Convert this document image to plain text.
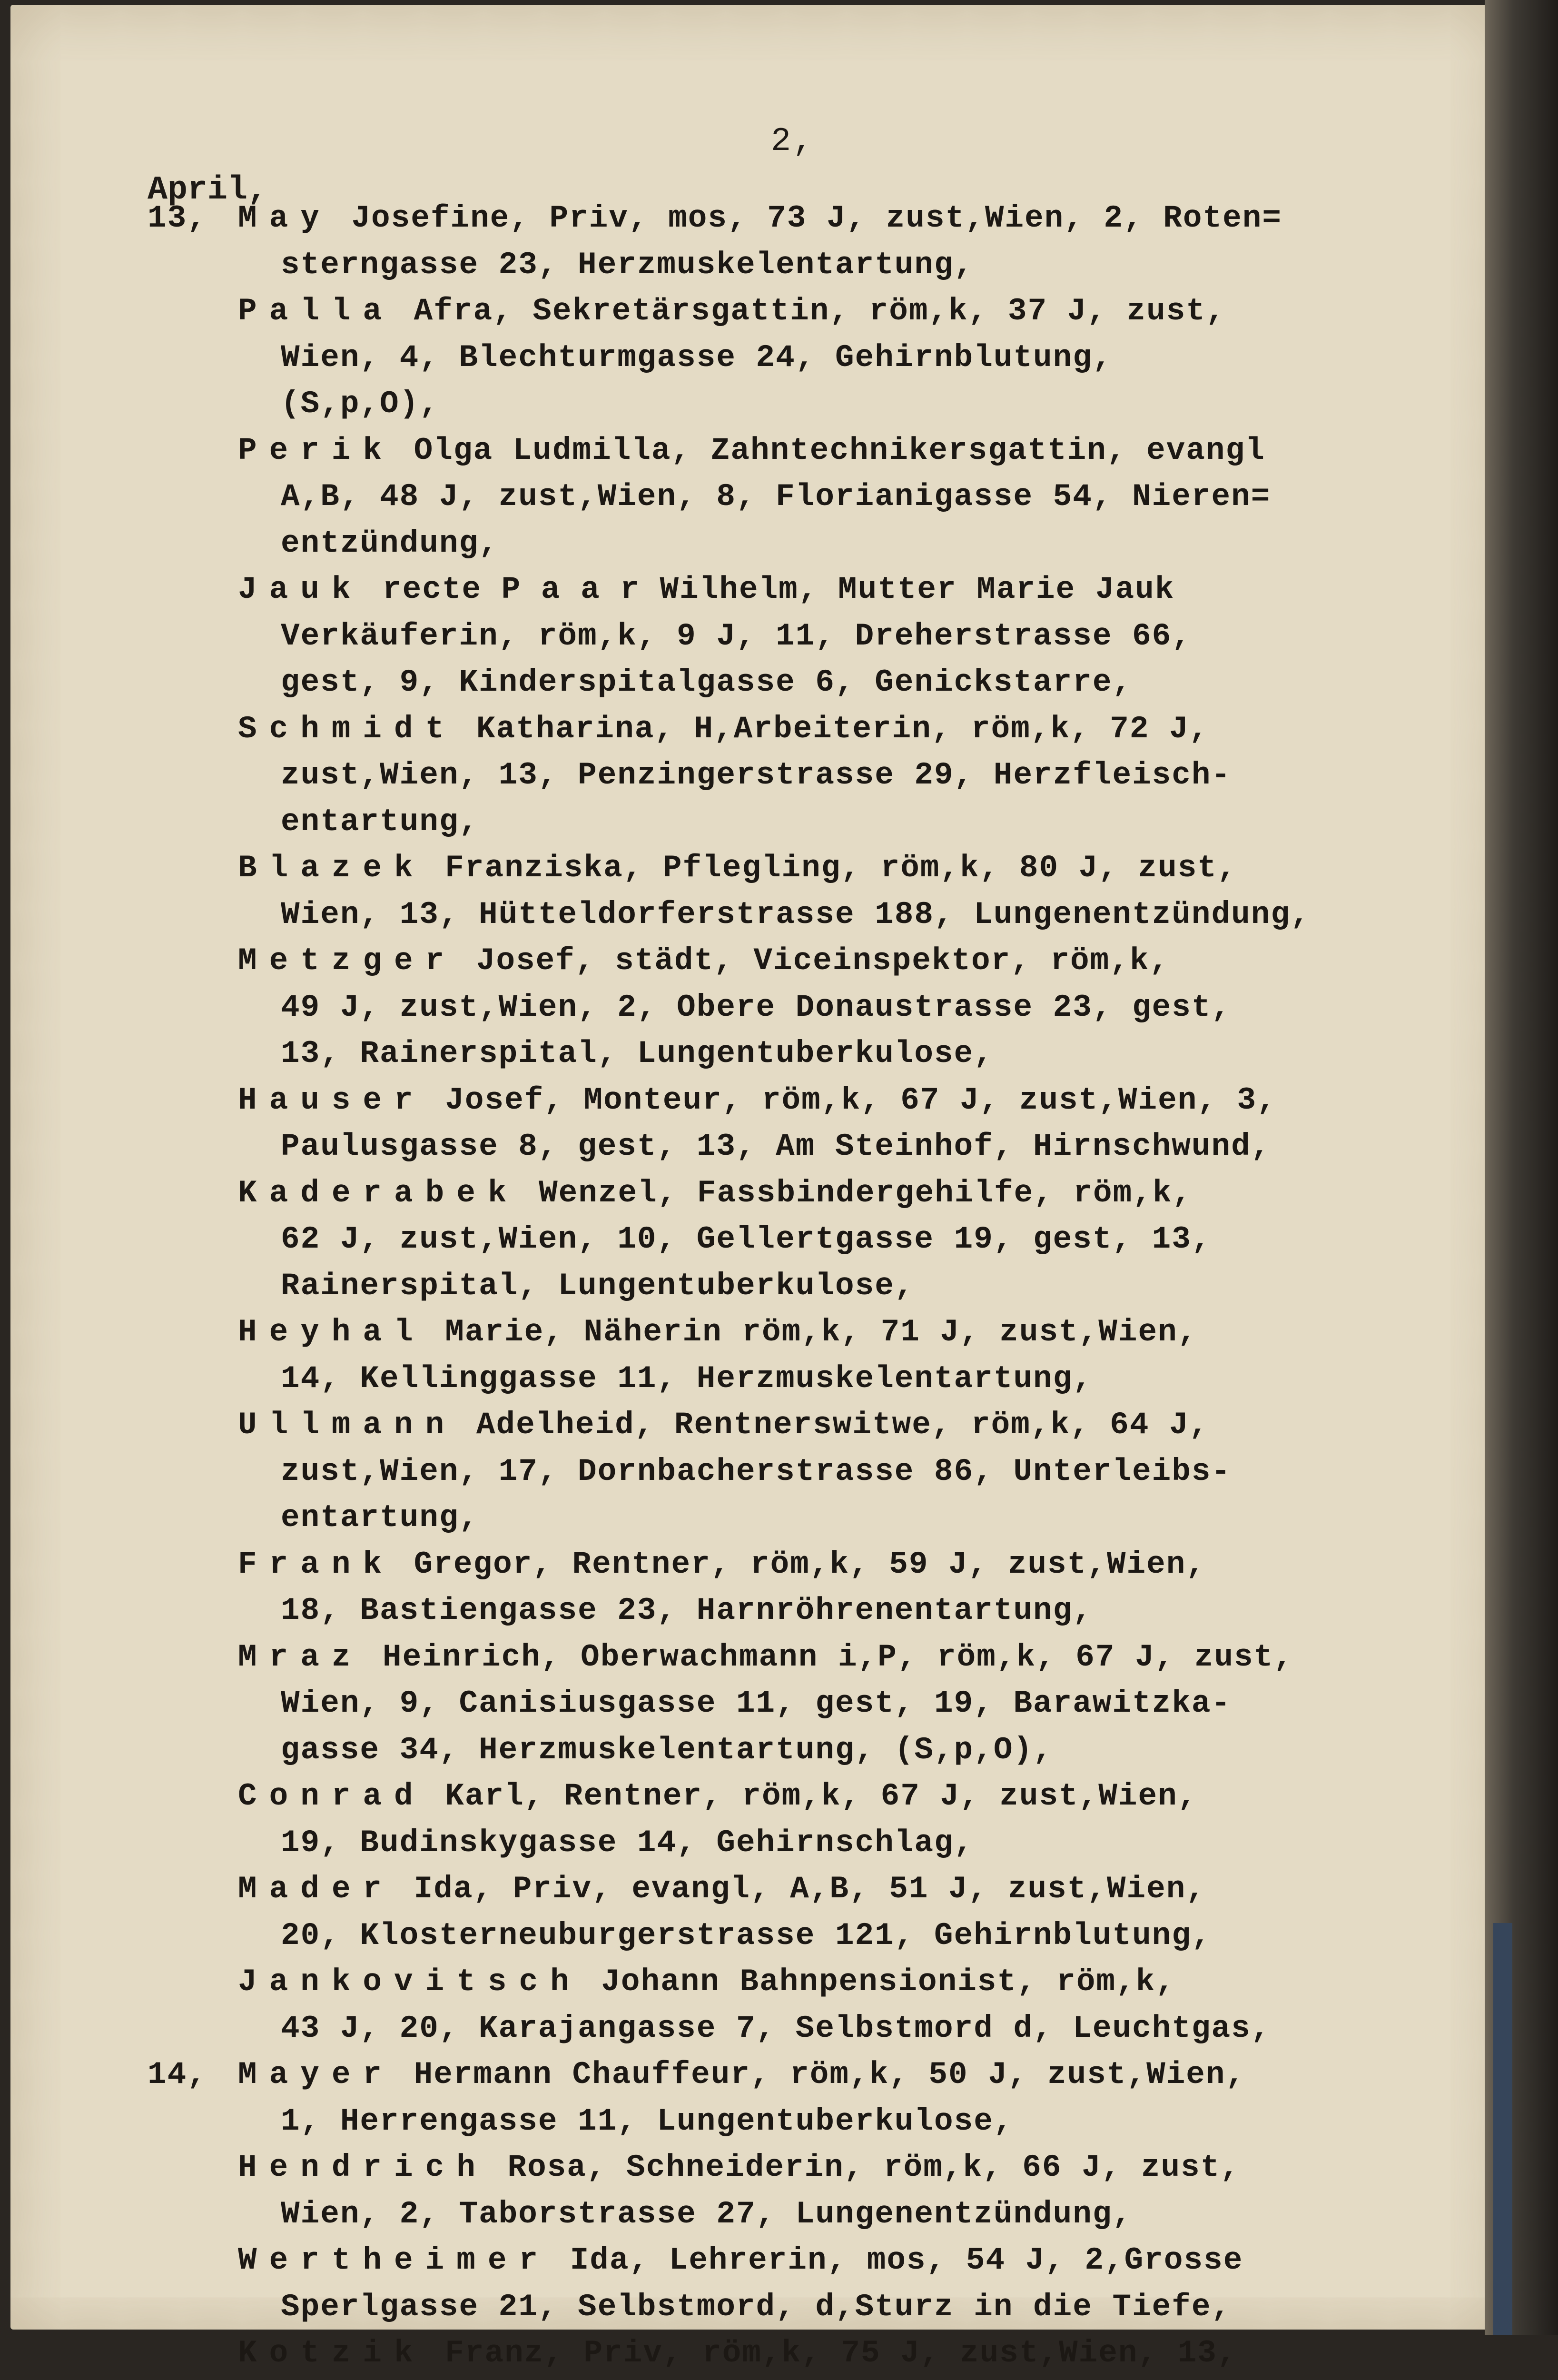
2,
April,
13, May Josefine, Priv, mos, 73 J, zust,Wien, 2, Roten=
sterngasse 23, Herzmuskelentartung,
Palla Afra, Sekretärsgattin, röm,k, 37 J, zust,
Wien, 4, Blechturmgasse 24, Gehirnblutung,
(S,p,O),
Perik Olga Ludmilla, Zahntechnikersgattin, evangl
A,B, 48 J, zust,Wien, 8, Florianigasse 54, Nieren=
entzündung,
Jauk recte P a a r Wilhelm, Mutter Marie Jauk
Verkäuferin, röm,k, 9 J, 11, Dreherstrasse 66,
gest, 9, Kinderspitalgasse 6, Genickstarre,
Schmidt Katharina, H,Arbeiterin, röm,k, 72 J,
zust,Wien, 13, Penzingerstrasse 29, Herzfleisch-
entartung,
Blazek Franziska, Pflegling, röm,k, 80 J, zust,
Wien, 13, Hütteldorferstrasse 188, Lungenentzündung,
Metzger Josef, städt, Viceinspektor, röm,k,
49 J, zust,Wien, 2, Obere Donaustrasse 23, gest,
13, Rainerspital, Lungentuberkulose,
Hauser Josef, Monteur, röm,k, 67 J, zust,Wien, 3,
Paulusgasse 8, gest, 13, Am Steinhof, Hirnschwund,
Kaderabek Wenzel, Fassbindergehilfe, röm,k,
62 J, zust,Wien, 10, Gellertgasse 19, gest, 13,
Rainerspital, Lungentuberkulose,
Heyhal Marie, Näherin röm,k, 71 J, zust,Wien,
14, Kellinggasse 11, Herzmuskelentartung,
Ullmann Adelheid, Rentnerswitwe, röm,k, 64 J,
zust,Wien, 17, Dornbacherstrasse 86, Unterleibs-
entartung,
Frank Gregor, Rentner, röm,k, 59 J, zust,Wien,
18, Bastiengasse 23, Harnröhrenentartung,
Mraz Heinrich, Oberwachmann i,P, röm,k, 67 J, zust,
Wien, 9, Canisiusgasse 11, gest, 19, Barawitzka-
gasse 34, Herzmuskelentartung, (S,p,O),
Conrad Karl, Rentner, röm,k, 67 J, zust,Wien,
19, Budinskygasse 14, Gehirnschlag,
Mader Ida, Priv, evangl, A,B, 51 J, zust,Wien,
20, Klosterneuburgerstrasse 121, Gehirnblutung,
Jankovitsch Johann Bahnpensionist, röm,k,
43 J, 20, Karajangasse 7, Selbstmord d, Leuchtgas,
14, Mayer Hermann Chauffeur, röm,k, 50 J, zust,Wien,
1, Herrengasse 11, Lungentuberkulose,
Hendrich Rosa, Schneiderin, röm,k, 66 J, zust,
Wien, 2, Taborstrasse 27, Lungenentzündung,
Wertheimer Ida, Lehrerin, mos, 54 J, 2,Grosse
Sperlgasse 21, Selbstmord, d,Sturz in die Tiefe,
Kotzik Franz, Priv, röm,k, 75 J, zust,Wien, 13,
